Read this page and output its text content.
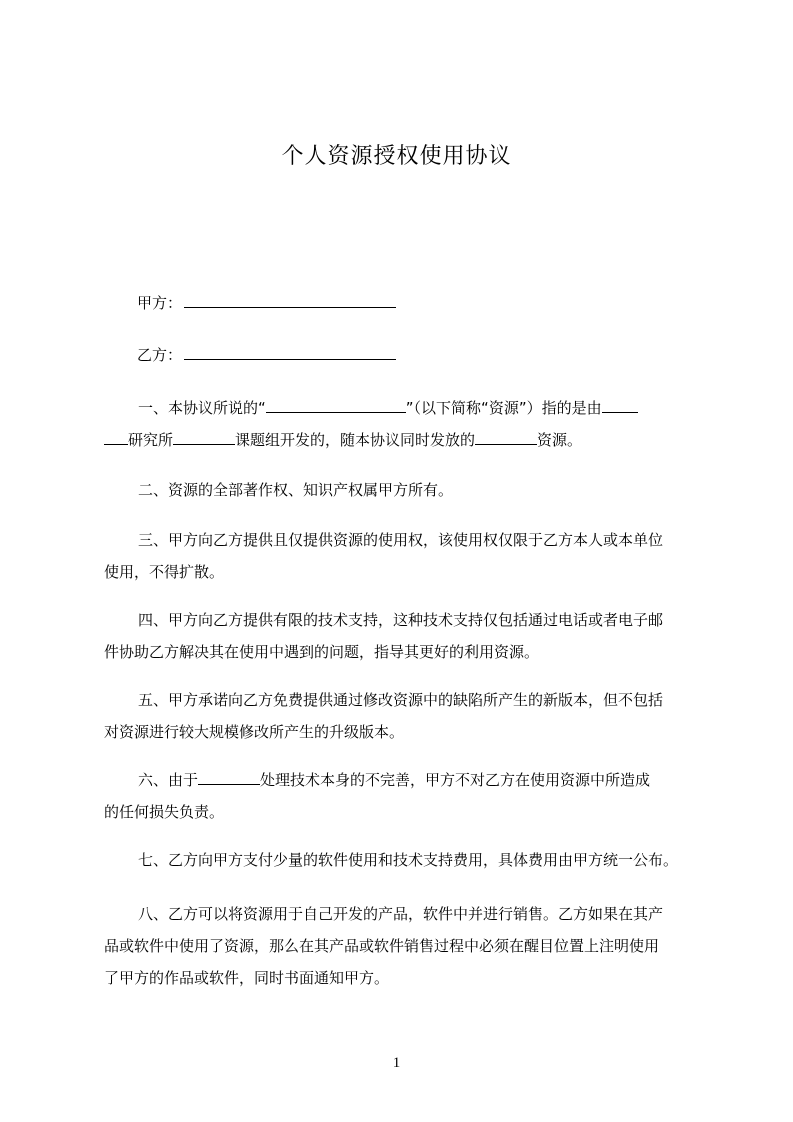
个人资源授权使用协议
甲方：
乙方：
一、本协议所说的“	”（以下简称“资源”）指的是由
研究所	课题组开发的，随本协议同时发放的	资源。
二、资源的全部著作权、知识产权属甲方所有。
三、甲方向乙方提供且仅提供资源的使用权，该使用权仅限于乙方本人或本单位
使用，不得扩散。
四、甲方向乙方提供有限的技术支持，这种技术支持仅包括通过电话或者电子邮
件协助乙方解决其在使用中遇到的问题，指导其更好的利用资源。
五、甲方承诺向乙方免费提供通过修改资源中的缺陷所产生的新版本，但不包括
对资源进行较大规模修改所产生的升级版本。
六、由于	处理技术本身的不完善，甲方不对乙方在使用资源中所造成
的任何损失负责。
七、乙方向甲方支付少量的软件使用和技术支持费用，具体费用由甲方统一公布。
八、乙方可以将资源用于自己开发的产品，软件中并进行销售。乙方如果在其产
品或软件中使用了资源，那么在其产品或软件销售过程中必须在醒目位置上注明使用
了甲方的作品或软件，同时书面通知甲方。
1
